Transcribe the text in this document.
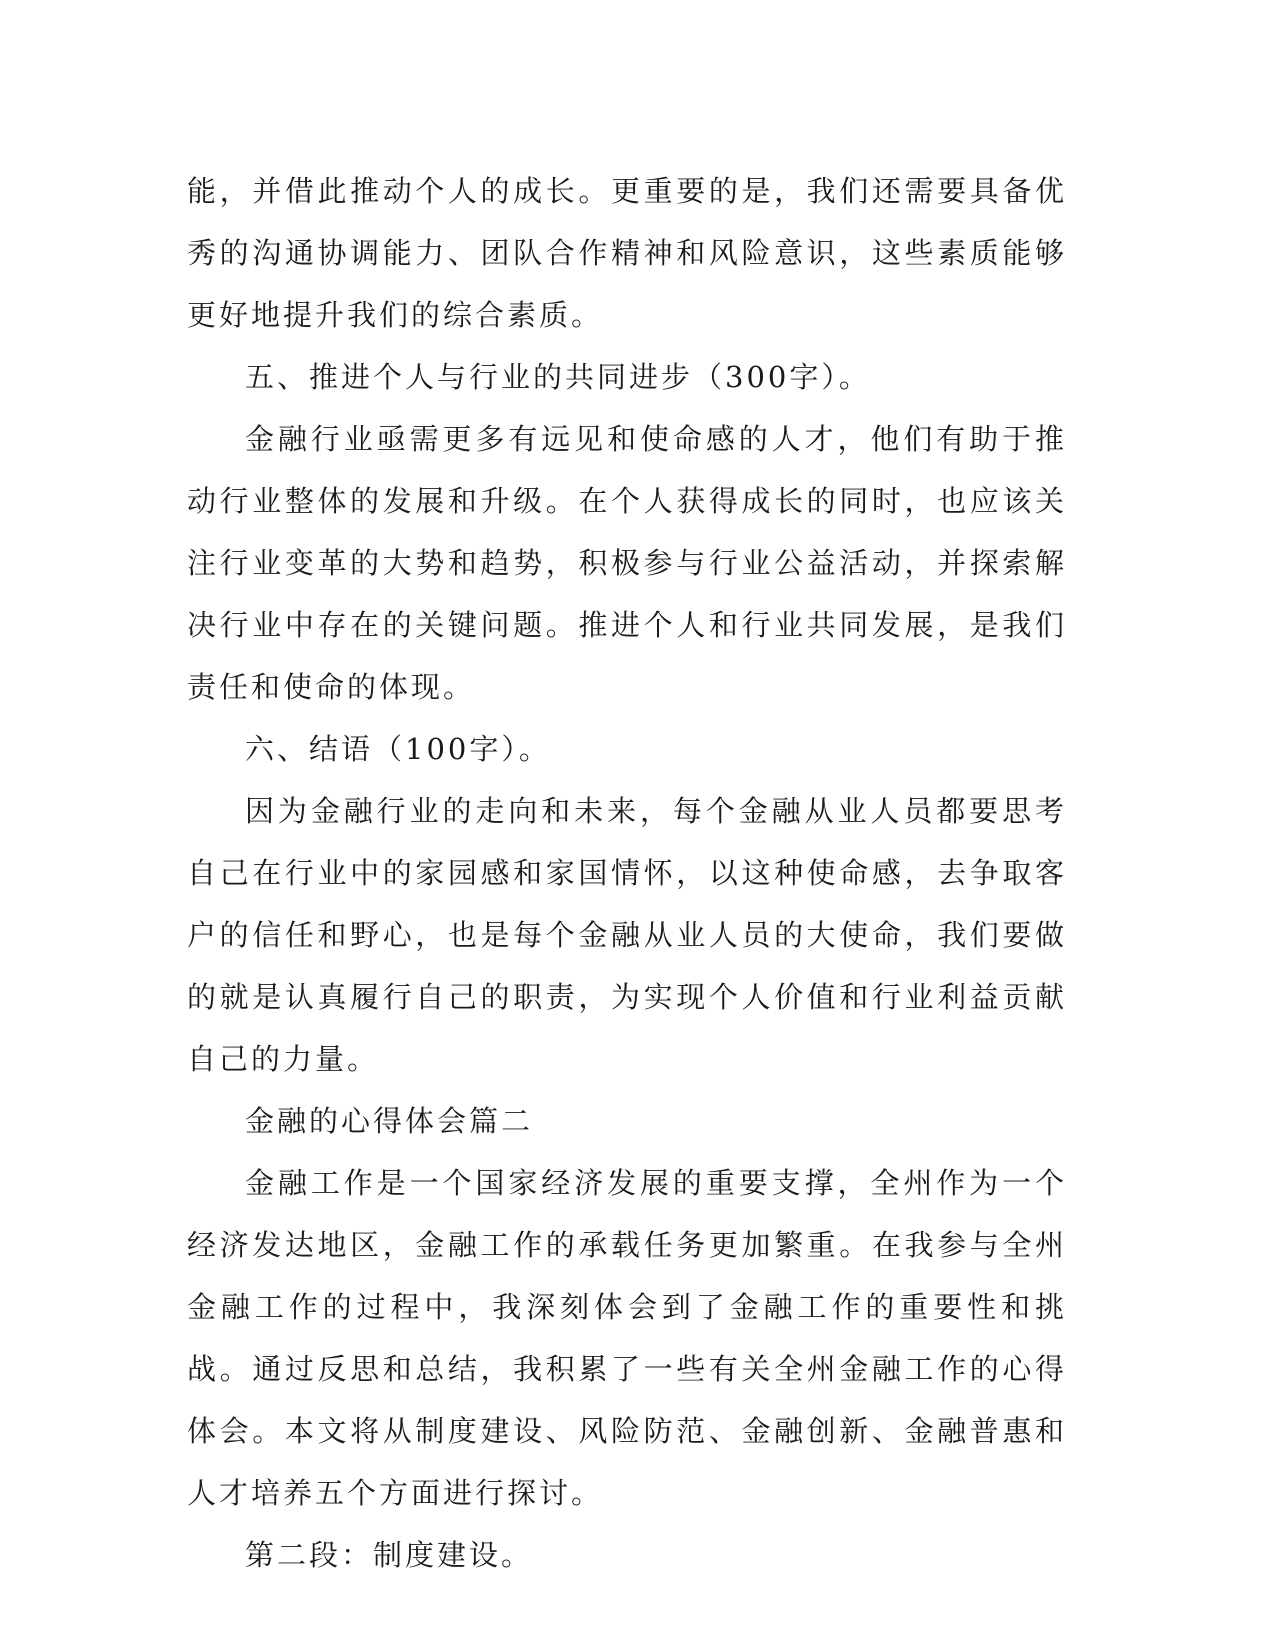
能，并借此推动个人的成长。更重要的是，我们还需要具备优秀的沟通协调能力、团队合作精神和风险意识，这些素质能够更好地提升我们的综合素质。

五、推进个人与行业的共同进步（300字）。

金融行业亟需更多有远见和使命感的人才，他们有助于推动行业整体的发展和升级。在个人获得成长的同时，也应该关注行业变革的大势和趋势，积极参与行业公益活动，并探索解决行业中存在的关键问题。推进个人和行业共同发展，是我们责任和使命的体现。

六、结语（100字）。

因为金融行业的走向和未来，每个金融从业人员都要思考自己在行业中的家园感和家国情怀，以这种使命感，去争取客户的信任和野心，也是每个金融从业人员的大使命，我们要做的就是认真履行自己的职责，为实现个人价值和行业利益贡献自己的力量。

金融的心得体会篇二

金融工作是一个国家经济发展的重要支撑，全州作为一个经济发达地区，金融工作的承载任务更加繁重。在我参与全州金融工作的过程中，我深刻体会到了金融工作的重要性和挑战。通过反思和总结，我积累了一些有关全州金融工作的心得体会。本文将从制度建设、风险防范、金融创新、金融普惠和人才培养五个方面进行探讨。

第二段：制度建设。
